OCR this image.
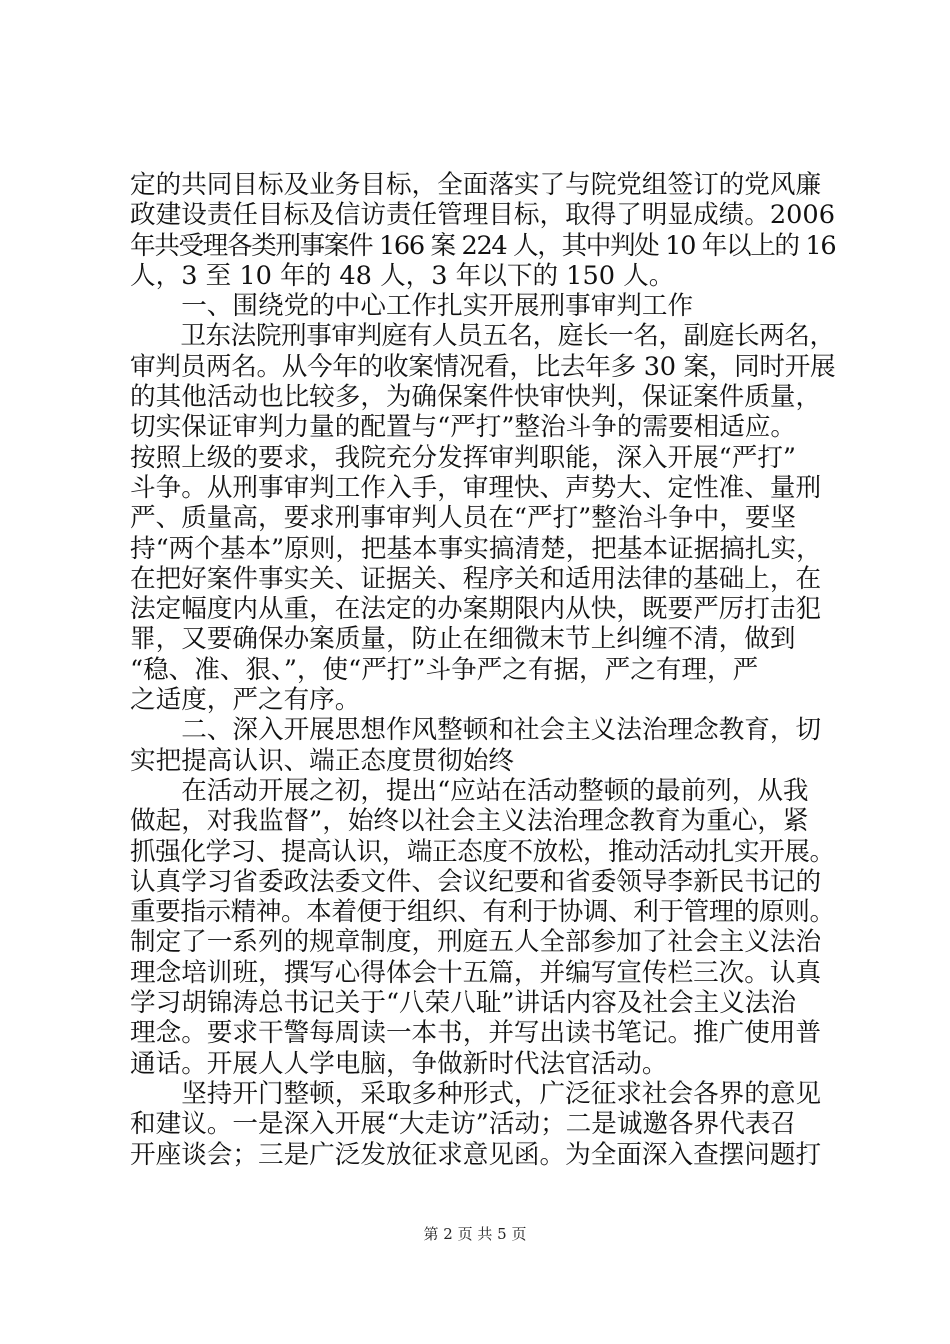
定的共同目标及业务目标，全面落实了与院党组签订的党风廉
政建设责任目标及信访责任管理目标，取得了明显成绩。2006
年共受理各类刑事案件 166 案 224 人，其中判处 10 年以上的 16
人，3 至 10 年的 48 人，3 年以下的 150 人。
　　一、围绕党的中心工作扎实开展刑事审判工作
　　卫东法院刑事审判庭有人员五名，庭长一名，副庭长两名，
审判员两名。从今年的收案情况看，比去年多 30 案，同时开展
的其他活动也比较多，为确保案件快审快判，保证案件质量，
切实保证审判力量的配置与“严打”整治斗争的需要相适应。
按照上级的要求，我院充分发挥审判职能，深入开展“严打”
斗争。从刑事审判工作入手，审理快、声势大、定性准、量刑
严、质量高，要求刑事审判人员在“严打”整治斗争中，要坚
持“两个基本”原则，把基本事实搞清楚，把基本证据搞扎实，
在把好案件事实关、证据关、程序关和适用法律的基础上，在
法定幅度内从重，在法定的办案期限内从快，既要严厉打击犯
罪，又要确保办案质量，防止在细微末节上纠缠不清，做到
“稳、准、狠、”，使“严打”斗争严之有据，严之有理，严
之适度，严之有序。
　　二、深入开展思想作风整顿和社会主义法治理念教育，切
实把提高认识、端正态度贯彻始终
　　在活动开展之初，提出“应站在活动整顿的最前列，从我
做起，对我监督”，始终以社会主义法治理念教育为重心，紧
抓强化学习、提高认识，端正态度不放松，推动活动扎实开展。
认真学习省委政法委文件、会议纪要和省委领导李新民书记的
重要指示精神。本着便于组织、有利于协调、利于管理的原则。
制定了一系列的规章制度，刑庭五人全部参加了社会主义法治
理念培训班，撰写心得体会十五篇，并编写宣传栏三次。认真
学习胡锦涛总书记关于“八荣八耻”讲话内容及社会主义法治
理念。要求干警每周读一本书，并写出读书笔记。推广使用普
通话。开展人人学电脑，争做新时代法官活动。
　　坚持开门整顿，采取多种形式，广泛征求社会各界的意见
和建议。一是深入开展“大走访”活动；二是诚邀各界代表召
开座谈会；三是广泛发放征求意见函。为全面深入查摆问题打
第 2 页 共 5 页
